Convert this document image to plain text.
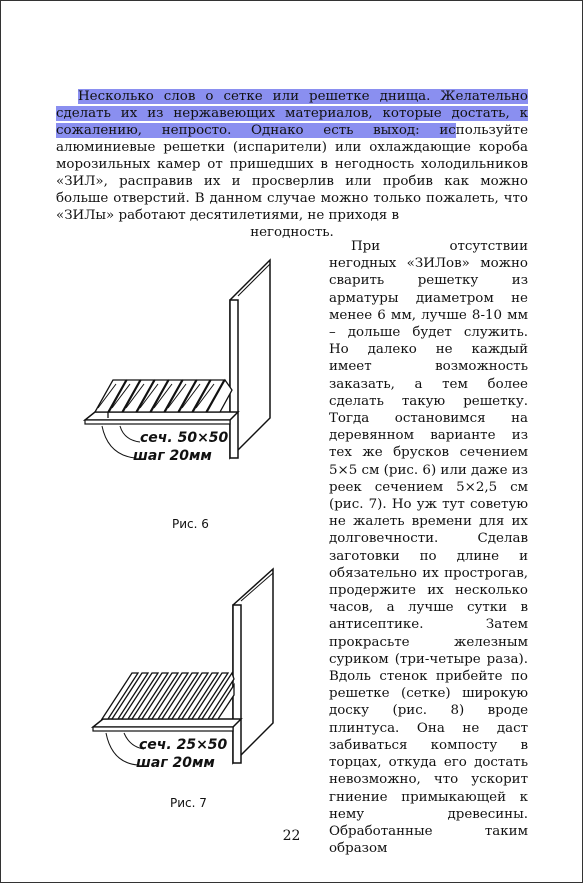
Несколько слов о сетке или решетке днища. Желательно сделать их из нержавеющих материалов, которые достать, к сожалению, непросто. Однако есть выход: используйте алюминиевые решетки (испарители) или охлаждающие короба морозильных камер от пришедших в негодность холодильников «ЗИЛ», расправив их и просверлив или пробив как можно больше отверстий. В данном случае можно только пожалеть, что «ЗИЛы» работают десятилетиями, не приходя в

негодность.

При отсутствии негодных «ЗИЛов» можно сварить решетку из арматуры диаметром не менее 6 мм, лучше 8-10 мм – дольше будет служить. Но далеко не каждый имеет возможность заказать, а тем более сделать такую решетку. Тогда остановимся на деревянном варианте из тех же брусков сечением 5×5 см (рис. 6) или даже из реек сечением 5×2,5 см (рис. 7). Но уж тут советую не жалеть времени для их долговечности. Сделав заготовки по длине и обязательно их прострогав, продержите их несколько часов, а лучше сутки в антисептике. Затем прокрасьте железным суриком (три-четыре раза). Вдоль стенок прибейте по решетке (сетке) широкую доску (рис. 8) вроде плинтуса. Она не даст забиваться компосту в торцах, откуда его достать невозможно, что ускорит гниение примыкающей к нему древесины. Обработанные таким образом

сеч. 50×50
шаг 20мм
Рис. 6
сеч. 25×50
шаг 20мм
Рис. 7
22
